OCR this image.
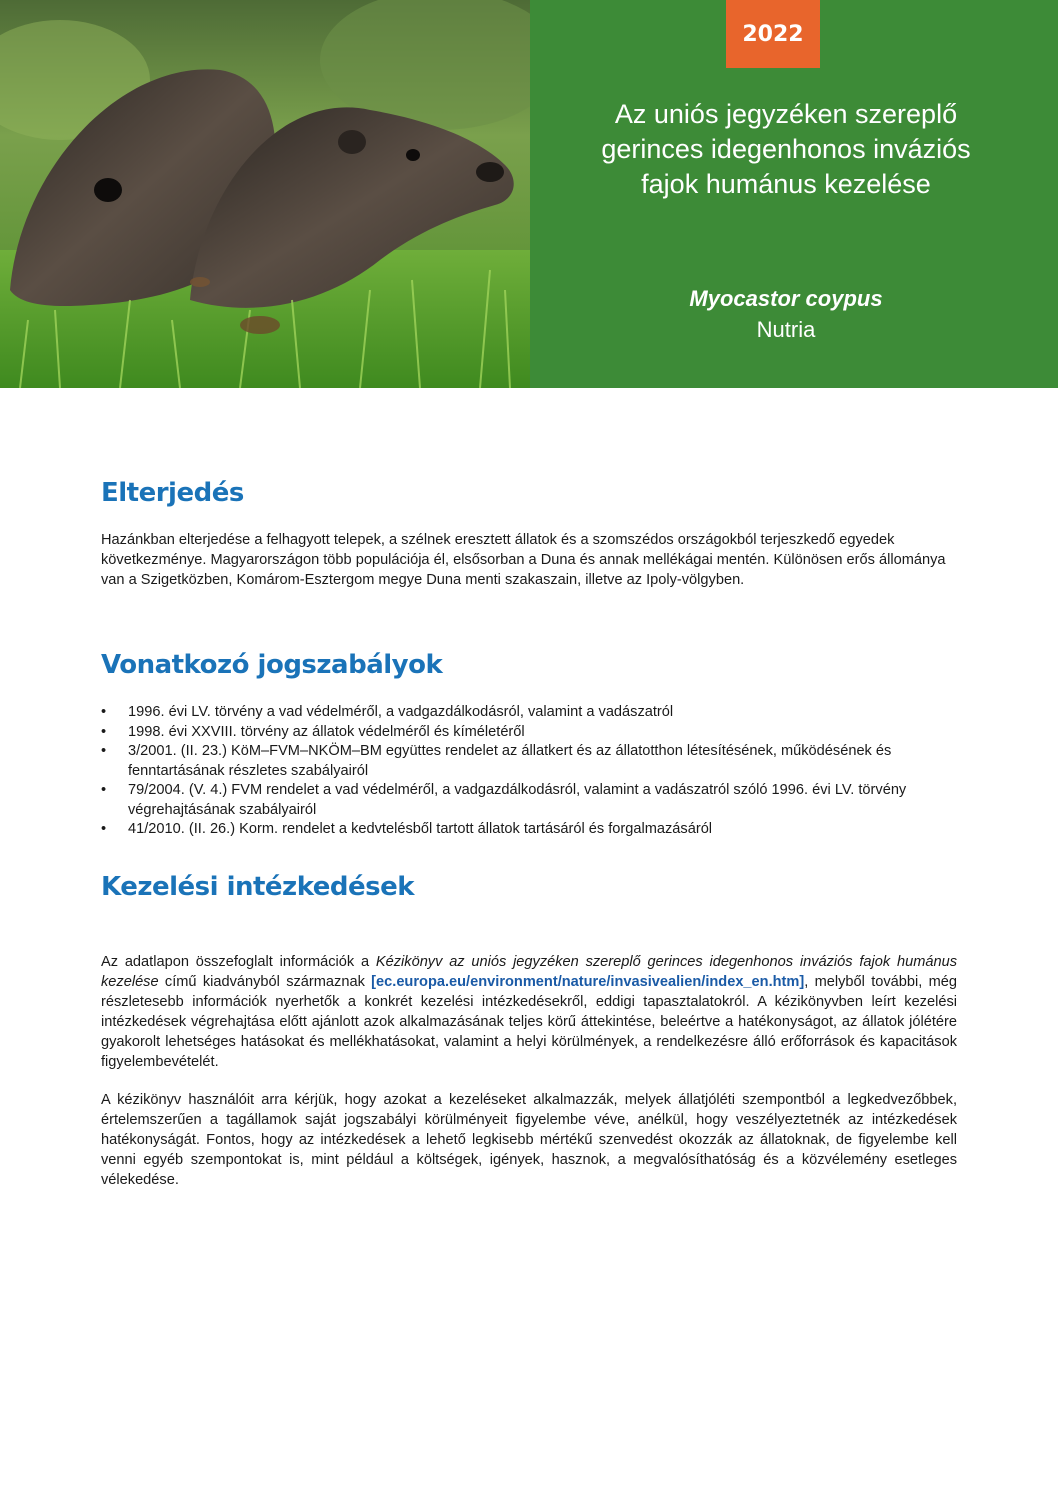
2022
Az uniós jegyzéken szereplő
gerinces idegenhonos inváziós
fajok humánus kezelése
Myocastor coypus
Nutria
Elterjedés

Hazánkban elterjedése a felhagyott telepek, a szélnek eresztett állatok és a szomszédos országokból terjeszkedő egyedek következménye. Magyarországon több populációja él, elsősorban a Duna és annak mellékágai mentén. Különösen erős állománya van a Szigetközben, Komárom-Esztergom megye Duna menti szakaszain, illetve az Ipoly-völgyben.

Vonatkozó jogszabályok
• 1996. évi LV. törvény a vad védelméről, a vadgazdálkodásról, valamint a vadászatról
• 1998. évi XXVIII. törvény az állatok védelméről és kíméletéről
• 3/2001. (II. 23.) KöM–FVM–NKÖM–BM együttes rendelet az állatkert és az állatotthon létesítésének, működésének és fenntartásának részletes szabályairól
• 79/2004. (V. 4.) FVM rendelet a vad védelméről, a vadgazdálkodásról, valamint a vadászatról szóló 1996. évi LV. törvény végrehajtásának szabályairól
• 41/2010. (II. 26.) Korm. rendelet a kedvtelésből tartott állatok tartásáról és forgalmazásáról
Kezelési intézkedések

Az adatlapon összefoglalt információk a Kézikönyv az uniós jegyzéken szereplő gerinces idegenhonos inváziós fajok humánus kezelése című kiadványból származnak [ec.europa.eu/environment/nature/invasivealien/index_en.htm], melyből további, még részletesebb információk nyerhetők a konkrét kezelési intézkedésekről, eddigi tapasztalatokról. A kézikönyvben leírt kezelési intézkedések végrehajtása előtt ajánlott azok alkalmazásának teljes körű áttekintése, beleértve a hatékonyságot, az állatok jólétére gyakorolt lehetséges hatásokat és mellékhatásokat, valamint a helyi körülmények, a rendelkezésre álló erőforrások és kapacitások figyelembevételét.

A kézikönyv használóit arra kérjük, hogy azokat a kezeléseket alkalmazzák, melyek állatjóléti szempontból a legkedvezőbbek, értelemszerűen a tagállamok saját jogszabályi körülményeit figyelembe véve, anélkül, hogy veszélyeztetnék az intézkedések hatékonyságát. Fontos, hogy az intézkedések a lehető legkisebb mértékű szenvedést okozzák az állatoknak, de figyelembe kell venni egyéb szempontokat is, mint például a költségek, igények, hasznok, a megvalósíthatóság és a közvélemény esetleges vélekedése.
